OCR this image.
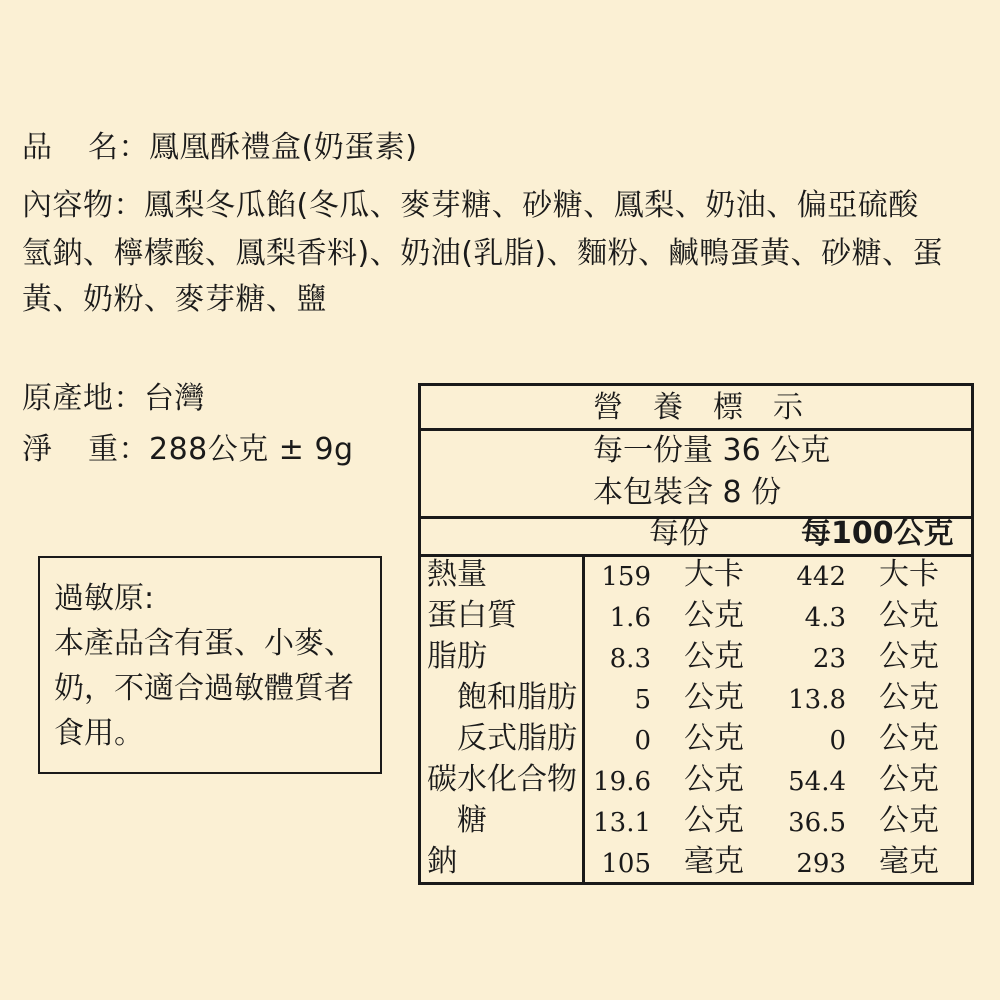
品 名：鳳凰酥禮盒(奶蛋素)
內容物：鳳梨冬瓜餡(冬瓜、麥芽糖、砂糖、鳳梨、奶油、偏亞硫酸
氫鈉、檸檬酸、鳳梨香料)、奶油(乳脂)、麵粉、鹹鴨蛋黃、砂糖、蛋
黃、奶粉、麥芽糖、鹽
原產地：台灣
淨 重：288公克 ± 9g
過敏原:
本產品含有蛋、小麥、
奶，不適合過敏體質者
食用。
營　養　標　示
每一份量 36 公克
本包裝含 8 份
每份	每100公克
熱量	159 大卡 442 大卡
蛋白質	1.6 公克 4.3 公克
脂肪	8.3 公克	23 公克
飽和脂肪 5 公克 13.8 公克
反式脂肪 0 公克	0 公克
碳水化合物 19.6 公克 54.4 公克
糖	13.1 公克 36.5 公克
鈉	105 毫克 293 毫克
